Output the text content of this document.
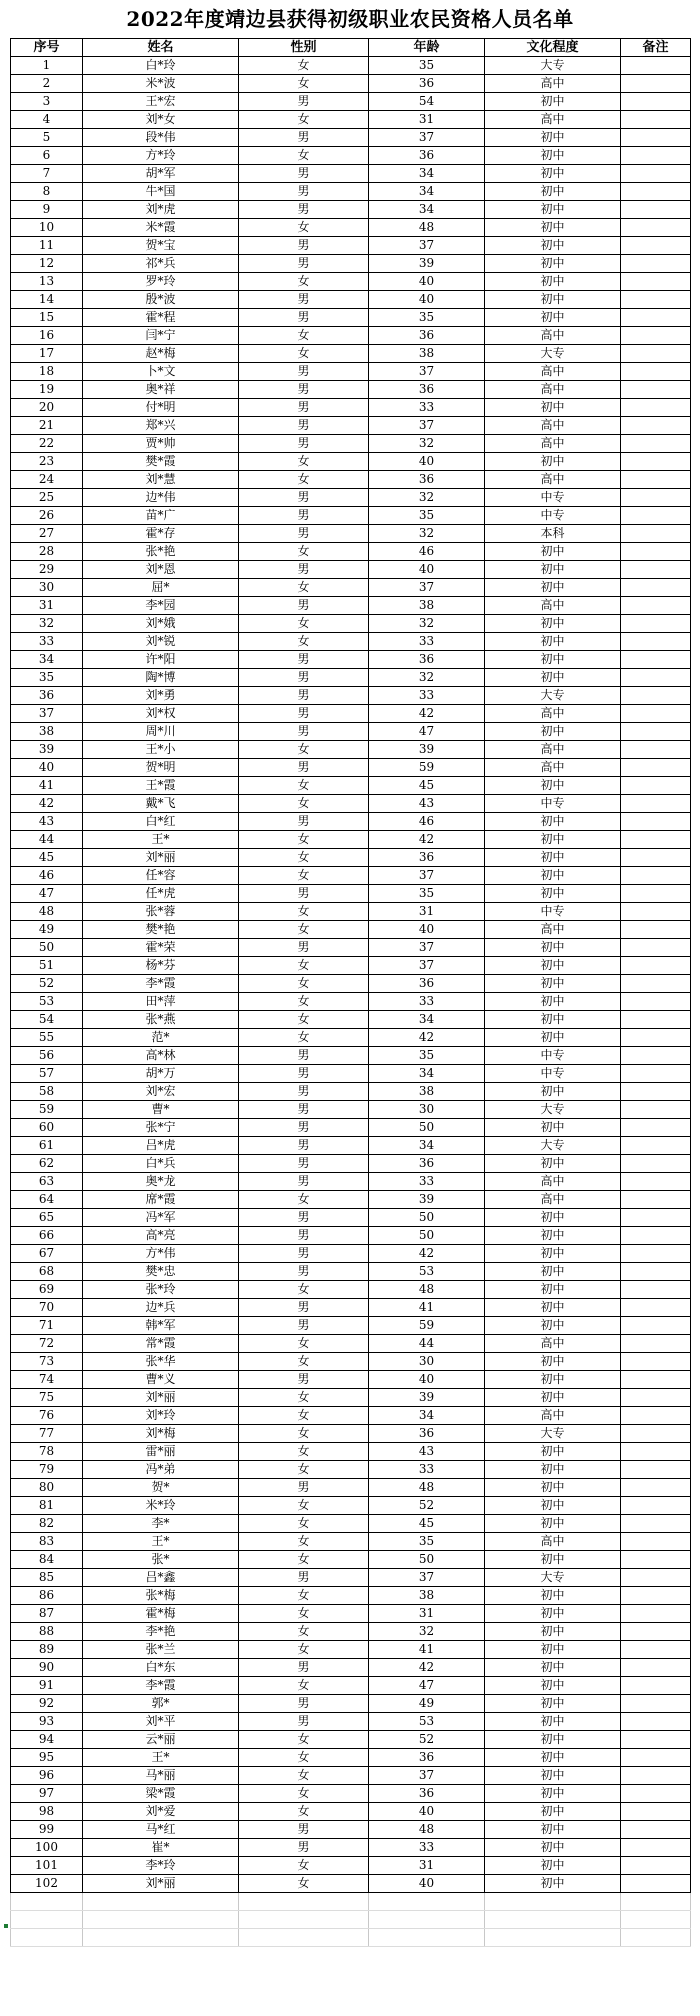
2022年度靖边县获得初级职业农民资格人员名单
序号	姓名	性别	年龄	文化程度	备注
1	白*玲	女	35	大专	
2	米*波	女	36	高中	
3	王*宏	男	54	初中	
4	刘*女	女	31	高中	
5	段*伟	男	37	初中	
6	方*玲	女	36	初中	
7	胡*军	男	34	初中	
8	牛*国	男	34	初中	
9	刘*虎	男	34	初中	
10	米*霞	女	48	初中	
11	贺*宝	男	37	初中	
12	祁*兵	男	39	初中	
13	罗*玲	女	40	初中	
14	殷*波	男	40	初中	
15	霍*程	男	35	初中	
16	闫*宁	女	36	高中	
17	赵*梅	女	38	大专	
18	卜*文	男	37	高中	
19	奥*祥	男	36	高中	
20	付*明	男	33	初中	
21	郑*兴	男	37	高中	
22	贾*帅	男	32	高中	
23	樊*霞	女	40	初中	
24	刘*慧	女	36	高中	
25	边*伟	男	32	中专	
26	苗*广	男	35	中专	
27	霍*存	男	32	本科	
28	张*艳	女	46	初中	
29	刘*恩	男	40	初中	
30	屈*	女	37	初中	
31	李*园	男	38	高中	
32	刘*娥	女	32	初中	
33	刘*锐	女	33	初中	
34	许*阳	男	36	初中	
35	陶*博	男	32	初中	
36	刘*勇	男	33	大专	
37	刘*权	男	42	高中	
38	周*川	男	47	初中	
39	王*小	女	39	高中	
40	贺*明	男	59	高中	
41	王*霞	女	45	初中	
42	戴*飞	女	43	中专	
43	白*红	男	46	初中	
44	王*	女	42	初中	
45	刘*丽	女	36	初中	
46	任*容	女	37	初中	
47	任*虎	男	35	初中	
48	张*蓉	女	31	中专	
49	樊*艳	女	40	高中	
50	霍*荣	男	37	初中	
51	杨*芬	女	37	初中	
52	李*霞	女	36	初中	
53	田*萍	女	33	初中	
54	张*燕	女	34	初中	
55	范*	女	42	初中	
56	高*林	男	35	中专	
57	胡*万	男	34	中专	
58	刘*宏	男	38	初中	
59	曹*	男	30	大专	
60	张*宁	男	50	初中	
61	吕*虎	男	34	大专	
62	白*兵	男	36	初中	
63	奥*龙	男	33	高中	
64	席*霞	女	39	高中	
65	冯*军	男	50	初中	
66	高*亮	男	50	初中	
67	方*伟	男	42	初中	
68	樊*忠	男	53	初中	
69	张*玲	女	48	初中	
70	边*兵	男	41	初中	
71	韩*军	男	59	初中	
72	常*霞	女	44	高中	
73	张*华	女	30	初中	
74	曹*义	男	40	初中	
75	刘*丽	女	39	初中	
76	刘*玲	女	34	高中	
77	刘*梅	女	36	大专	
78	雷*丽	女	43	初中	
79	冯*弟	女	33	初中	
80	贺*	男	48	初中	
81	米*玲	女	52	初中	
82	李*	女	45	初中	
83	王*	女	35	高中	
84	张*	女	50	初中	
85	吕*鑫	男	37	大专	
86	张*梅	女	38	初中	
87	霍*梅	女	31	初中	
88	李*艳	女	32	初中	
89	张*兰	女	41	初中	
90	白*东	男	42	初中	
91	李*霞	女	47	初中	
92	郭*	男	49	初中	
93	刘*平	男	53	初中	
94	云*丽	女	52	初中	
95	王*	女	36	初中	
96	马*丽	女	37	初中	
97	梁*霞	女	36	初中	
98	刘*爱	女	40	初中	
99	马*红	男	48	初中	
100	崔*	男	33	初中	
101	李*玲	女	31	初中	
102	刘*丽	女	40	初中	
